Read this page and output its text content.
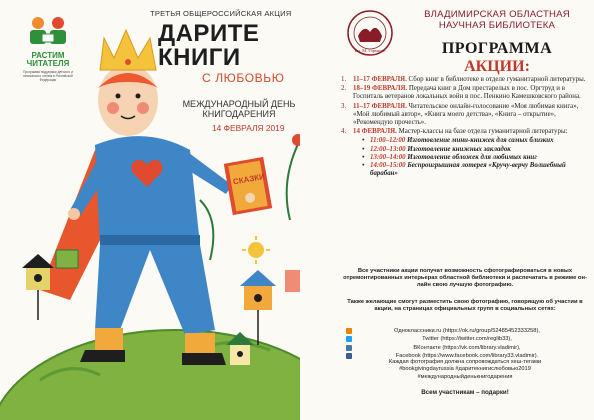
СКАЗКИ
РАСТИМ ЧИТАТЕЛЯ
Программа поддержки детского и юношеского чтения в Российской Федерации
ТРЕТЬЯ ОБЩЕРОССИЙСКАЯ АКЦИЯ
ДАРИТЕ
КНИГИ
С ЛЮБОВЬЮ
МЕЖДУНАРОДНЫЙ ДЕНЬ КНИГОДАРЕНИЯ
14 ФЕВРАЛЯ 2019
им. М. Горького
ВЛАДИМИРСКАЯ ОБЛАСТНАЯ НАУЧНАЯ БИБЛИОТЕКА
ПРОГРАММА
АКЦИИ:
1. 11–17 ФЕВРАЛЯ. Сбор книг в библиотеке в отделе гуманитарной литературы.
2. 18–19 ФЕВРАЛЯ. Передача книг в Дом престарелых в пос. Оргтруд и в Госпиталь ветеранов локальных войн в пос. Пенкино Камешковского района.
3. 11–17 ФЕВРАЛЯ. Читательское онлайн-голосование «Моя любимая книга», «Мой любимый автор», «Книга моего детства», «Книга – открытие», «Рекомендую прочесть».
4. 14 ФЕВРАЛЯ. Мастер-классы на базе отдела гуманитарной литературы:
• 11:00–12:00 Изготовление мини-книжек для самых близких
• 12:00–13:00 Изготовление книжных закладок
• 13:00–14:00 Изготовление обложек для любимых книг
• 14:00–15:00 Беспроигрышная лотерея «Кручу-верчу Волшебный барабан»
Все участники акции получат возможность сфотографироваться в новых отремонтированных интерьерах областной библиотеки и распечатать в режиме он-лайн свою лучшую фотографию.
Также желающие смогут разместить свою фотографию, говорящую об участии в акции, на страницах официальных групп в социальных сетях:
Одноклассники.ru (https://ok.ru/group/52485452333258),
Twitter (https://twitter.com/reglib33),
ВКонтакте (https://vk.com/library.vladimir),
Facebook (https://www.facebook.com/library33.vladimir).
Каждая фотография должна сопровождаться хеш-тегами
#bookgivingdayrussia #даритекнигислюбовью2019
#международныйденькнигодарения
Всем участникам – подарки!
